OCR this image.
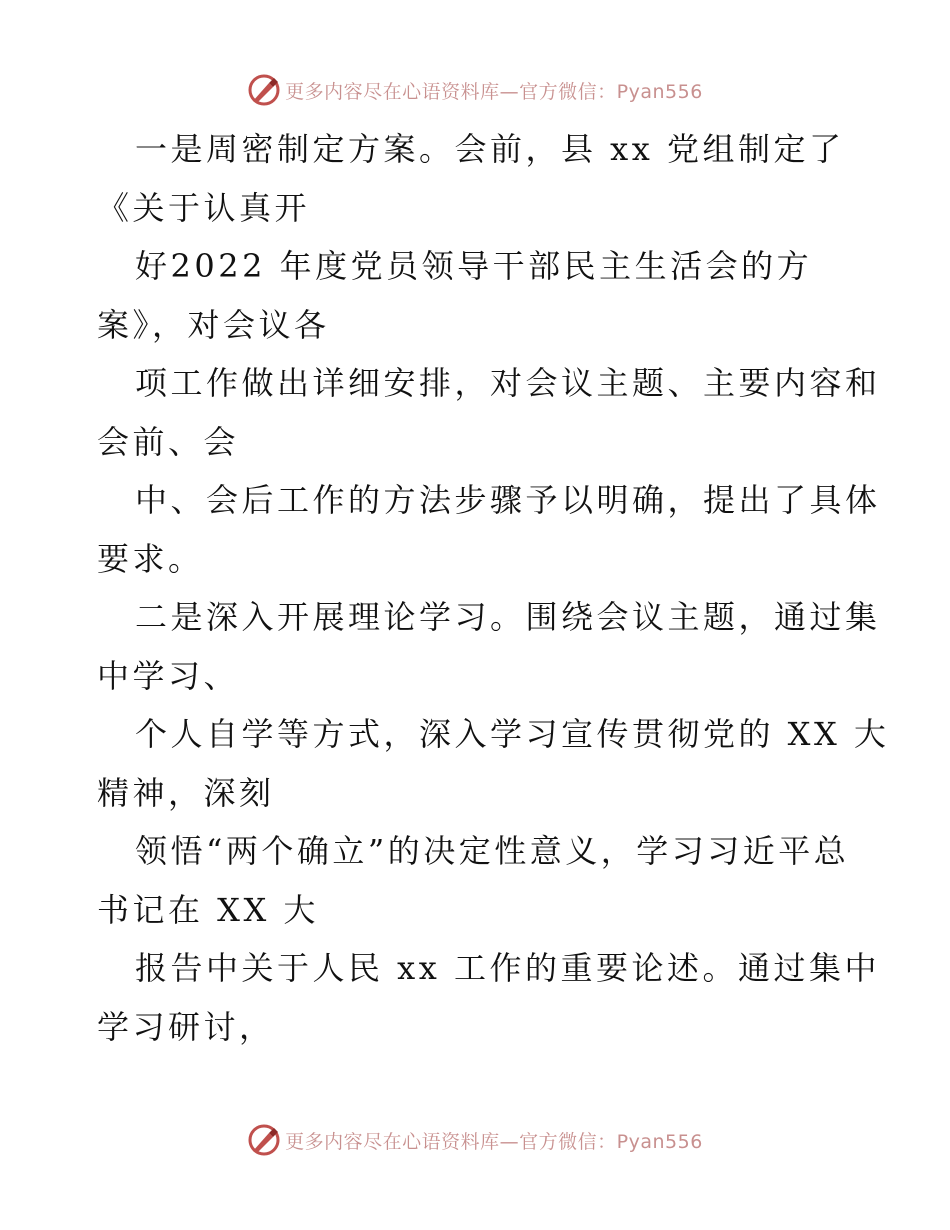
更多内容尽在心语资料库—官方微信：Pyan556
一是周密制定方案。会前，县 xx 党组制定了
《关于认真开
好2022 年度党员领导干部民主生活会的方
案》，对会议各
项工作做出详细安排，对会议主题、主要内容和
会前、会
中、会后工作的方法步骤予以明确，提出了具体
要求。
二是深入开展理论学习。围绕会议主题，通过集
中学习、
个人自学等方式，深入学习宣传贯彻党的 XX 大
精神，深刻
领悟“两个确立”的决定性意义，学习习近平总
书记在 XX 大
报告中关于人民 xx 工作的重要论述。通过集中
学习研讨，
更多内容尽在心语资料库—官方微信：Pyan556
